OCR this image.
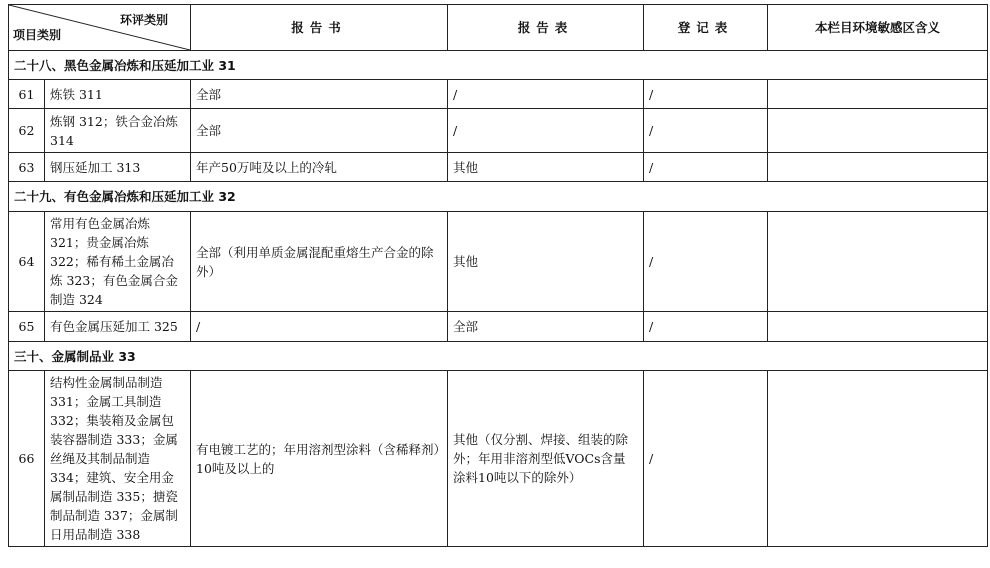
环评类别
项目类别		报告书	报告表	登记表	本栏目环境敏感区含义
二十八、黑色金属冶炼和压延加工业 31					
61	炼铁 311	全部	/	/	
62	炼钢 312；铁合金冶炼 314	全部	/	/	
63	钢压延加工 313	年产50万吨及以上的冷轧	其他	/	
二十九、有色金属冶炼和压延加工业 32					
64	常用有色金属冶炼 321；贵金属冶炼 322；稀有稀土金属冶炼 323；有色金属合金制造 324	全部（利用单质金属混配重熔生产合金的除外）	其他	/	
65	有色金属压延加工 325	/	全部	/	
三十、金属制品业 33					
66	结构性金属制品制造 331；金属工具制造 332；集装箱及金属包装容器制造 333；金属丝绳及其制品制造 334；建筑、安全用金属制品制造 335；搪瓷制品制造 337；金属制日用品制造 338	有电镀工艺的；年用溶剂型涂料（含稀释剂）10吨及以上的	其他（仅分割、焊接、组装的除外；年用非溶剂型低VOCs含量涂料10吨以下的除外）	/	
